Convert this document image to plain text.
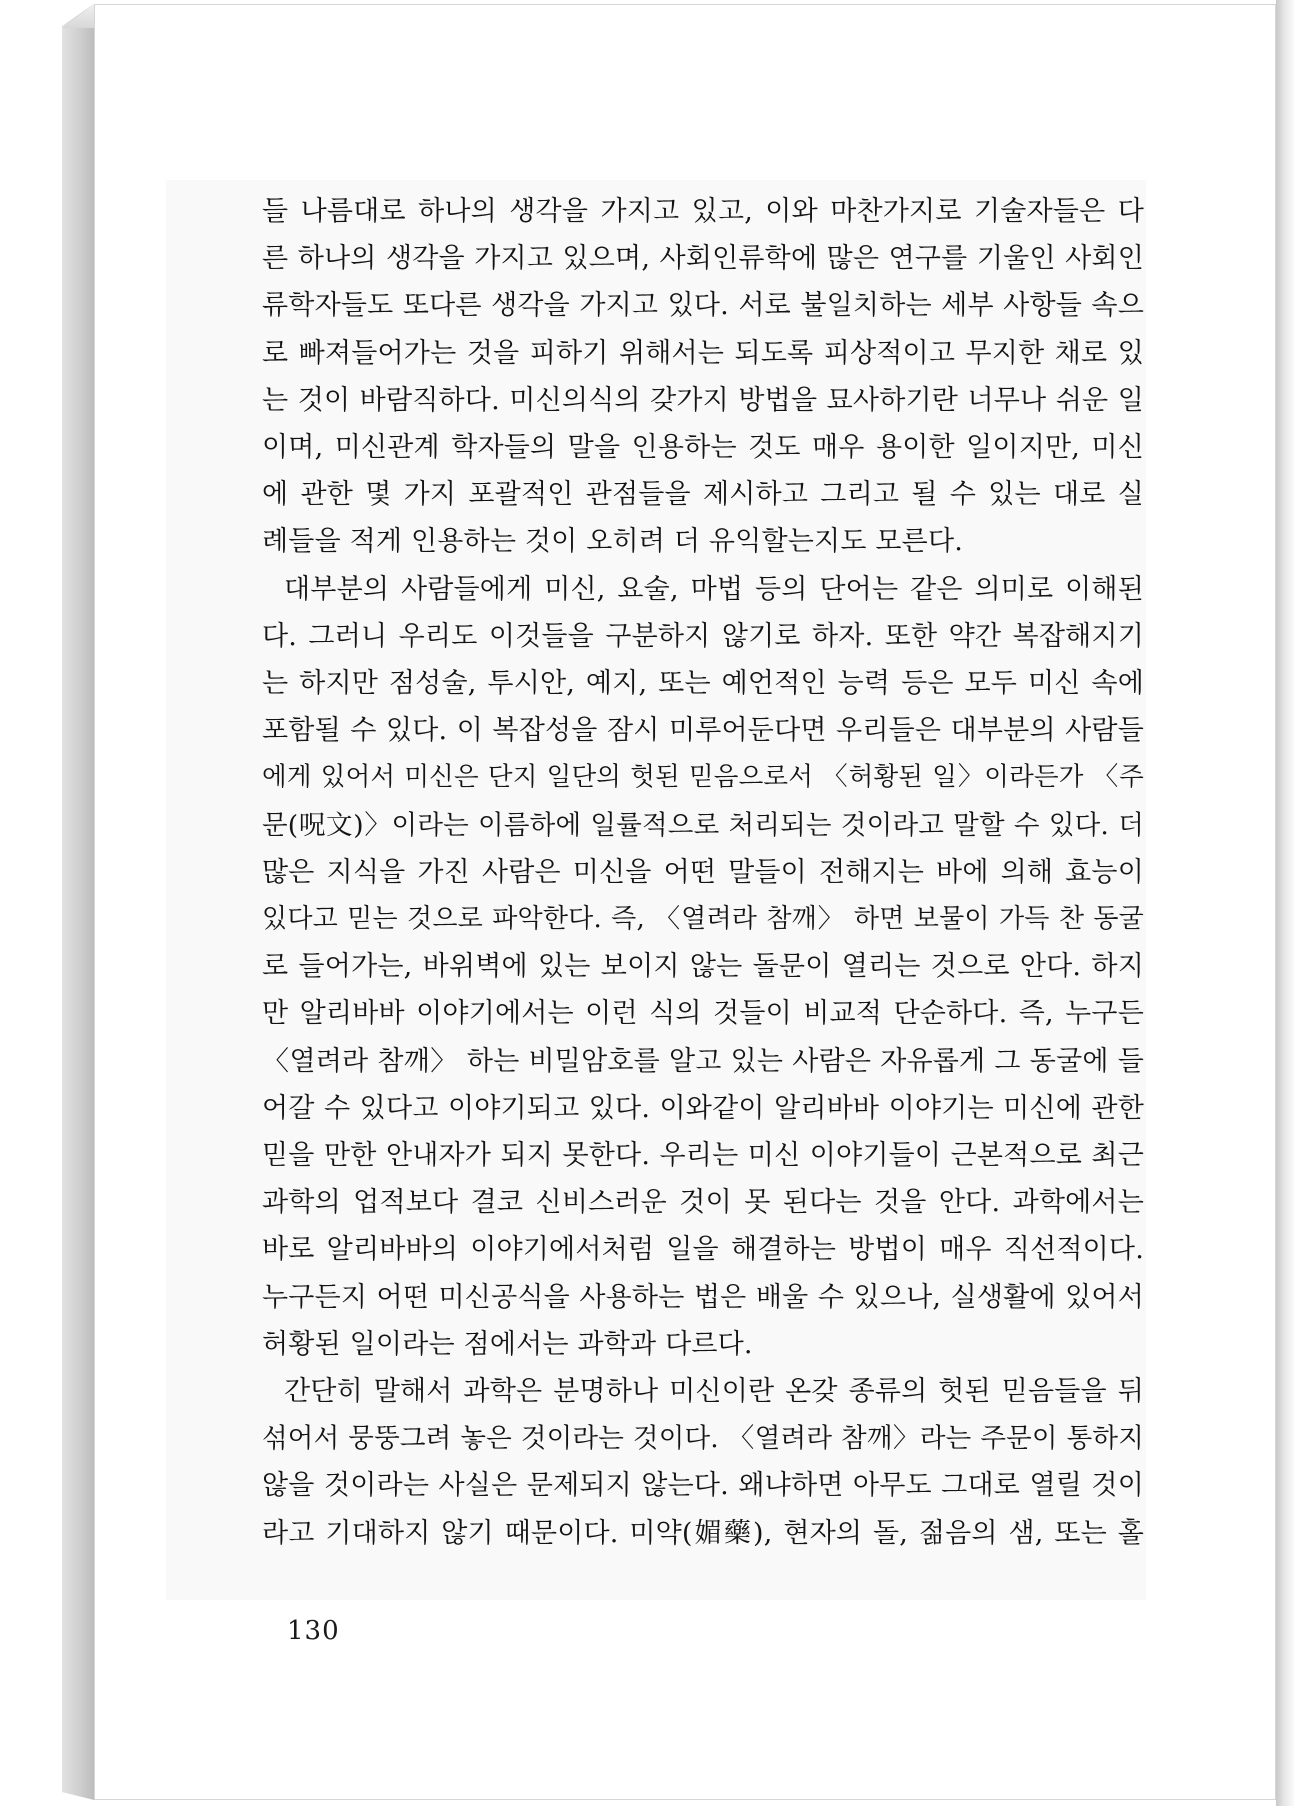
들 나름대로 하나의 생각을 가지고 있고, 이와 마찬가지로 기술자들은 다
른 하나의 생각을 가지고 있으며, 사회인류학에 많은 연구를 기울인 사회인
류학자들도 또다른 생각을 가지고 있다. 서로 불일치하는 세부 사항들 속으
로 빠져들어가는 것을 피하기 위해서는 되도록 피상적이고 무지한 채로 있
는 것이 바람직하다. 미신의식의 갖가지 방법을 묘사하기란 너무나 쉬운 일
이며, 미신관계 학자들의 말을 인용하는 것도 매우 용이한 일이지만, 미신
에 관한 몇 가지 포괄적인 관점들을 제시하고 그리고 될 수 있는 대로 실
례들을 적게 인용하는 것이 오히려 더 유익할는지도 모른다.
대부분의 사람들에게 미신, 요술, 마법 등의 단어는 같은 의미로 이해된
다. 그러니 우리도 이것들을 구분하지 않기로 하자. 또한 약간 복잡해지기
는 하지만 점성술, 투시안, 예지, 또는 예언적인 능력 등은 모두 미신 속에
포함될 수 있다. 이 복잡성을 잠시 미루어둔다면 우리들은 대부분의 사람들
에게 있어서 미신은 단지 일단의 헛된 믿음으로서 〈허황된 일〉이라든가 〈주
문(呪文)〉이라는 이름하에 일률적으로 처리되는 것이라고 말할 수 있다. 더
많은 지식을 가진 사람은 미신을 어떤 말들이 전해지는 바에 의해 효능이
있다고 믿는 것으로 파악한다. 즉, 〈열려라 참깨〉 하면 보물이 가득 찬 동굴
로 들어가는, 바위벽에 있는 보이지 않는 돌문이 열리는 것으로 안다. 하지
만 알리바바 이야기에서는 이런 식의 것들이 비교적 단순하다. 즉, 누구든
〈열려라 참깨〉 하는 비밀암호를 알고 있는 사람은 자유롭게 그 동굴에 들
어갈 수 있다고 이야기되고 있다. 이와같이 알리바바 이야기는 미신에 관한
믿을 만한 안내자가 되지 못한다. 우리는 미신 이야기들이 근본적으로 최근
과학의 업적보다 결코 신비스러운 것이 못 된다는 것을 안다. 과학에서는
바로 알리바바의 이야기에서처럼 일을 해결하는 방법이 매우 직선적이다.
누구든지 어떤 미신공식을 사용하는 법은 배울 수 있으나, 실생활에 있어서
허황된 일이라는 점에서는 과학과 다르다.
간단히 말해서 과학은 분명하나 미신이란 온갖 종류의 헛된 믿음들을 뒤
섞어서 뭉뚱그려 놓은 것이라는 것이다. 〈열려라 참깨〉라는 주문이 통하지
않을 것이라는 사실은 문제되지 않는다. 왜냐하면 아무도 그대로 열릴 것이
라고 기대하지 않기 때문이다. 미약(媚藥), 현자의 돌, 젊음의 샘, 또는 홀
130
